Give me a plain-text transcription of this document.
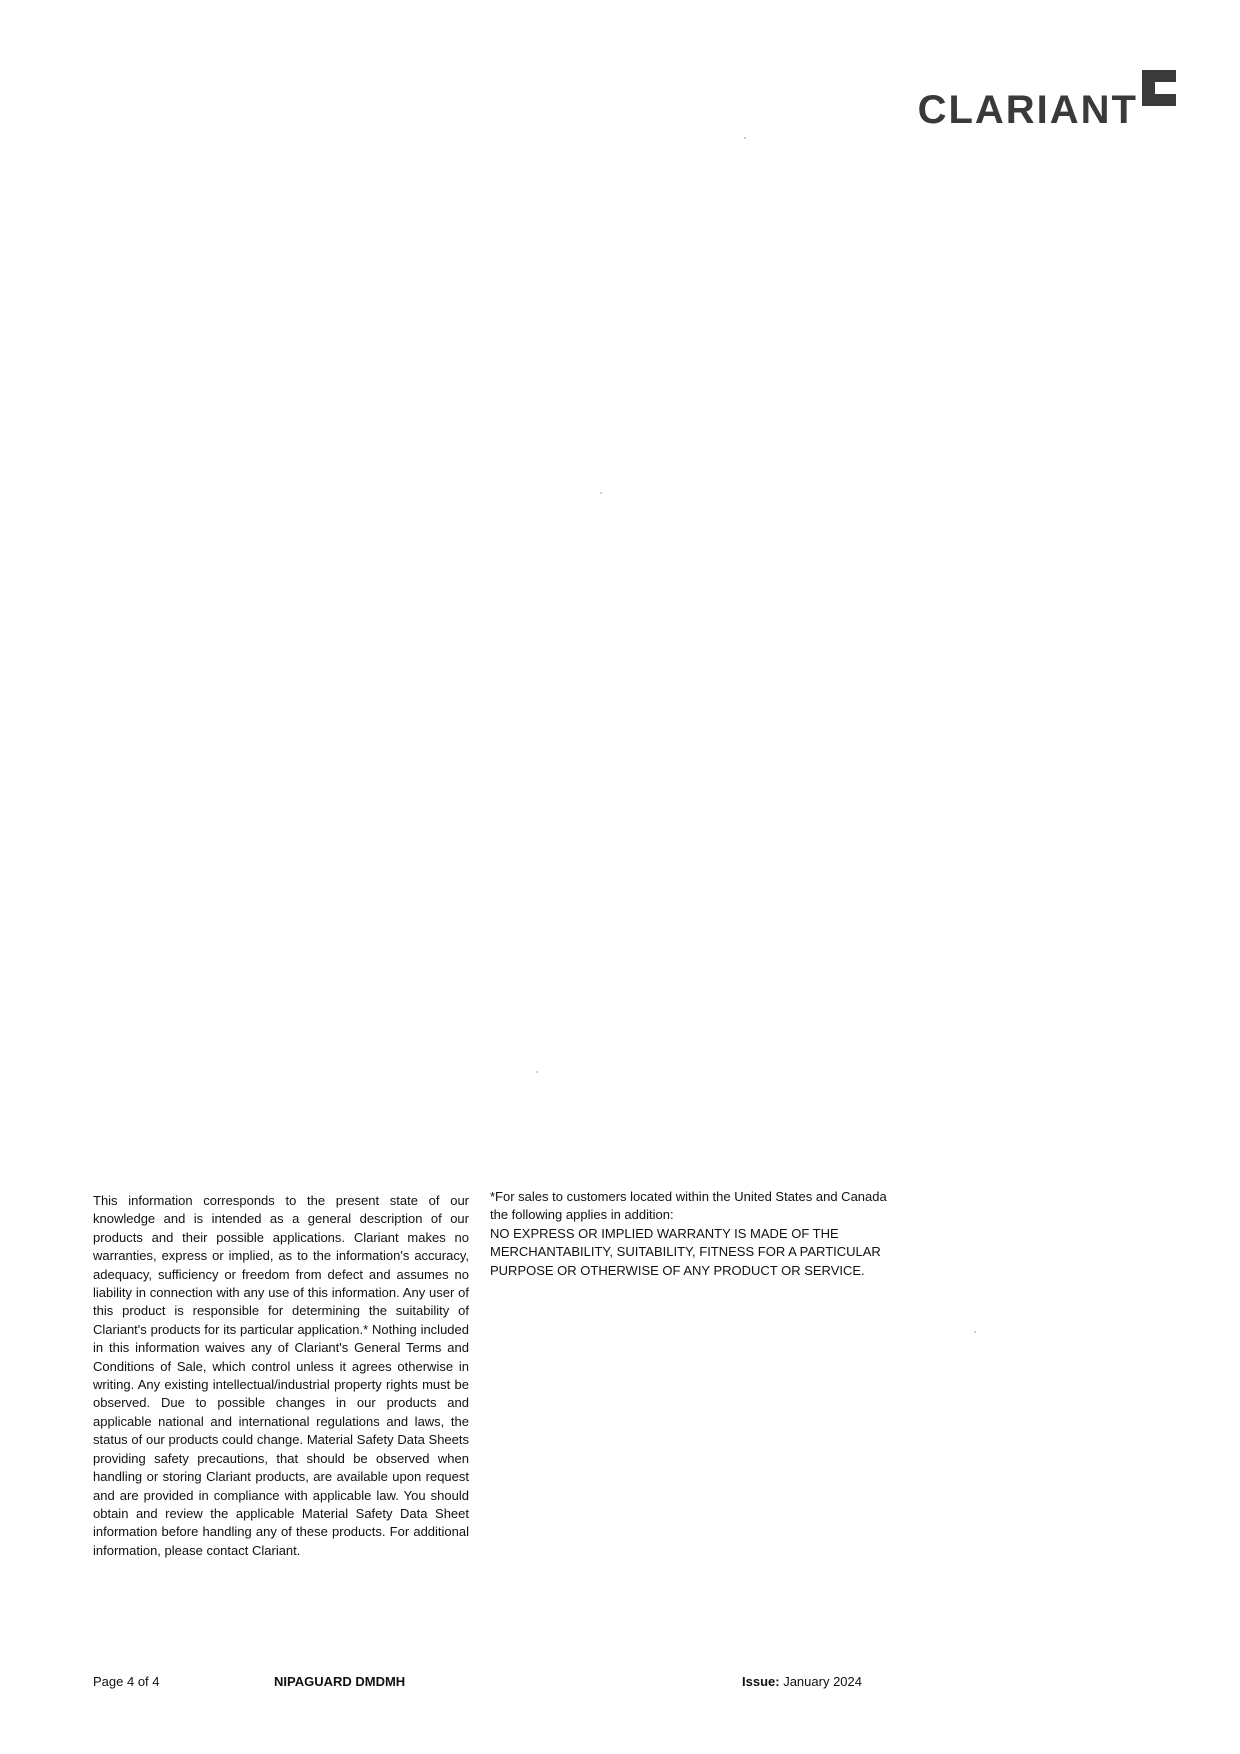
CLARIANT
This information corresponds to the present state of our knowledge and is intended as a general description of our products and their possible applications. Clariant makes no warranties, express or implied, as to the information's accuracy, adequacy, sufficiency or freedom from defect and assumes no liability in connection with any use of this information. Any user of this product is responsible for determining the suitability of Clariant's products for its particular application.* Nothing included in this information waives any of Clariant's General Terms and Conditions of Sale, which control unless it agrees otherwise in writing. Any existing intellectual/industrial property rights must be observed. Due to possible changes in our products and applicable national and international regulations and laws, the status of our products could change. Material Safety Data Sheets providing safety precautions, that should be observed when handling or storing Clariant products, are available upon request and are provided in compliance with applicable law. You should obtain and review the applicable Material Safety Data Sheet information before handling any of these products. For additional information, please contact Clariant.

*For sales to customers located within the United States and Canada the following applies in addition:

NO EXPRESS OR IMPLIED WARRANTY IS MADE OF THE MERCHANTABILITY, SUITABILITY, FITNESS FOR A PARTICULAR PURPOSE OR OTHERWISE OF ANY PRODUCT OR SERVICE.

Page 4 of 4	NIPAGUARD DMDMH	Issue: January 2024
